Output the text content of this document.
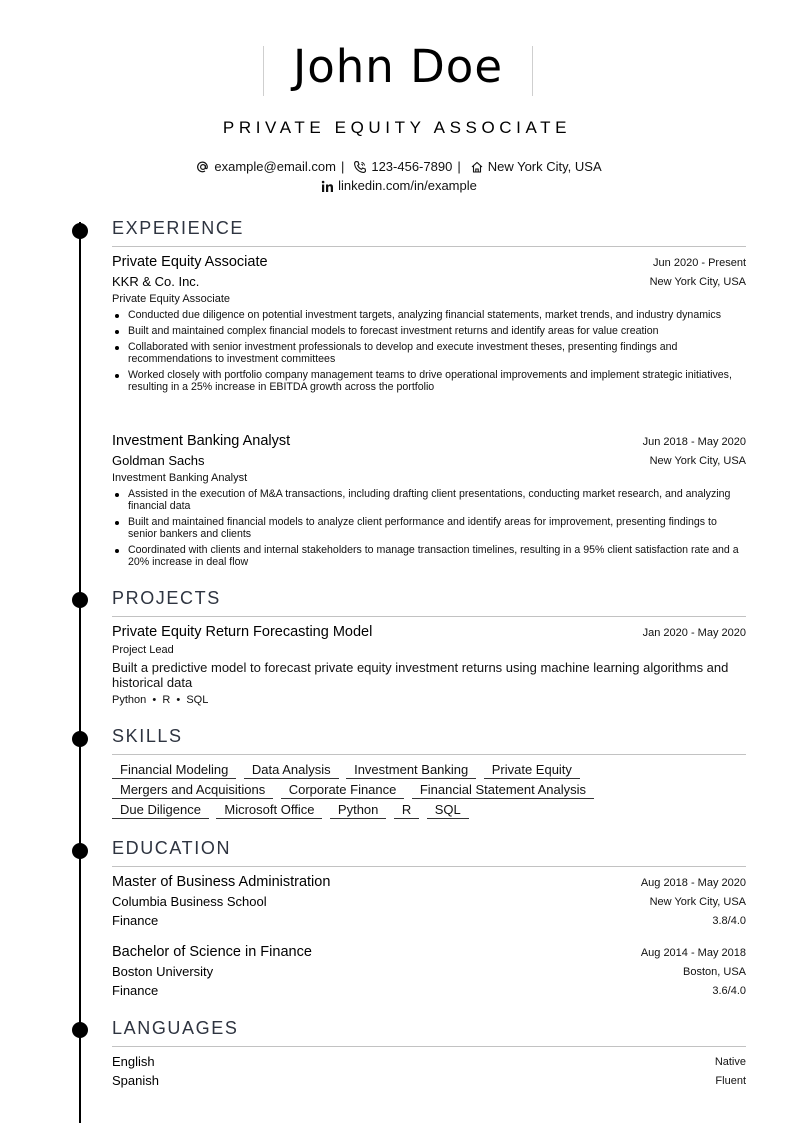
John Doe
PRIVATE EQUITY ASSOCIATE
example@email.com | 123-456-7890 | New York City, USA
linkedin.com/in/example
EXPERIENCE
Private Equity Associate	Jun 2020 - Present
KKR & Co. Inc.	New York City, USA
Private Equity Associate
Conducted due diligence on potential investment targets, analyzing financial statements, market trends, and industry dynamics
Built and maintained complex financial models to forecast investment returns and identify areas for value creation
Collaborated with senior investment professionals to develop and execute investment theses, presenting findings and recommendations to investment committees
Worked closely with portfolio company management teams to drive operational improvements and implement strategic initiatives, resulting in a 25% increase in EBITDA growth across the portfolio
Investment Banking Analyst	Jun 2018 - May 2020
Goldman Sachs	New York City, USA
Investment Banking Analyst
Assisted in the execution of M&A transactions, including drafting client presentations, conducting market research, and analyzing financial data
Built and maintained financial models to analyze client performance and identify areas for improvement, presenting findings to senior bankers and clients
Coordinated with clients and internal stakeholders to manage transaction timelines, resulting in a 95% client satisfaction rate and a 20% increase in deal flow
PROJECTS
Private Equity Return Forecasting Model	Jan 2020 - May 2020
Project Lead
Built a predictive model to forecast private equity investment returns using machine learning algorithms and historical data
Python  •  R  •  SQL
SKILLS
Financial Modeling Data Analysis Investment Banking Private Equity
Mergers and Acquisitions Corporate Finance Financial Statement Analysis
Due Diligence Microsoft Office Python R SQL
EDUCATION
Master of Business Administration	Aug 2018 - May 2020
Columbia Business School	New York City, USA
Finance	3.8/4.0
Bachelor of Science in Finance	Aug 2014 - May 2018
Boston University	Boston, USA
Finance	3.6/4.0
LANGUAGES
English	Native
Spanish	Fluent
